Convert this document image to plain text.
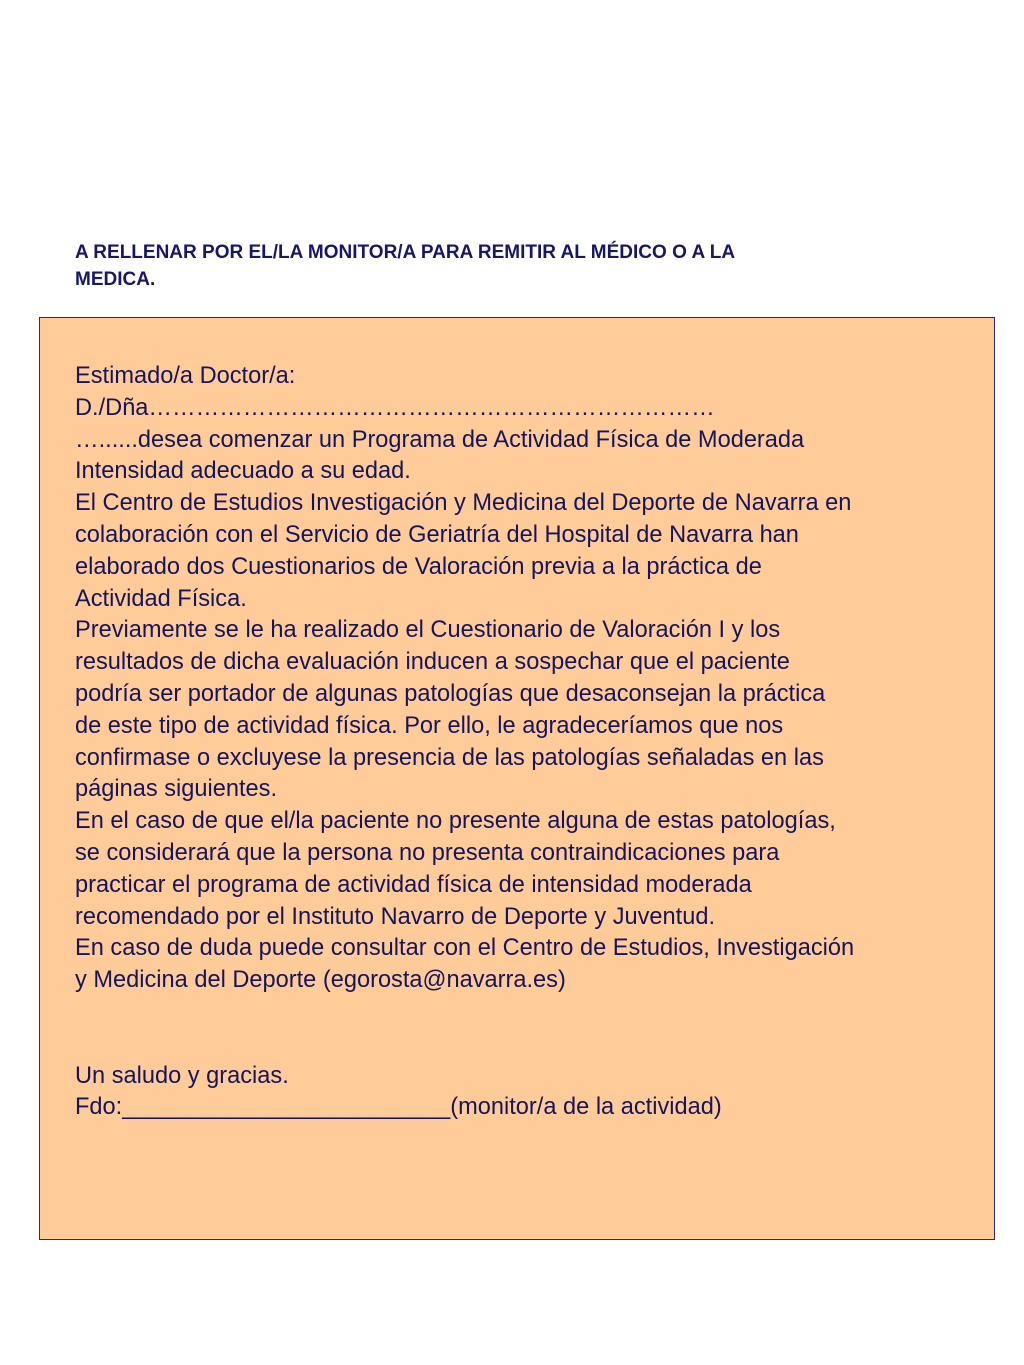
A RELLENAR POR EL/LA MONITOR/A PARA REMITIR AL MÉDICO O A LA
MEDICA.

Estimado/a Doctor/a:
D./Dña………………………………………………………………
…......desea comenzar un Programa de Actividad Física de Moderada
Intensidad adecuado a su edad.
El Centro de Estudios Investigación y Medicina del Deporte de Navarra en
colaboración con el Servicio de Geriatría del Hospital de Navarra han
elaborado dos Cuestionarios de Valoración previa a la práctica de
Actividad Física.
Previamente se le ha realizado el Cuestionario de Valoración I y los
resultados de dicha evaluación inducen a sospechar que el paciente
podría ser portador de algunas patologías que desaconsejan la práctica
de este tipo de actividad física. Por ello, le agradeceríamos que nos
confirmase o excluyese la presencia de las patologías señaladas en las
páginas siguientes.
En el caso de que el/la paciente no presente alguna de estas patologías,
se considerará que la persona no presenta contraindicaciones para
practicar el programa de actividad física de intensidad moderada
recomendado por el Instituto Navarro de Deporte y Juventud.
En caso de duda puede consultar con el Centro de Estudios, Investigación
y Medicina del Deporte (egorosta@navarra.es)
Un saludo y gracias.
Fdo:_________________________(monitor/a de la actividad)
